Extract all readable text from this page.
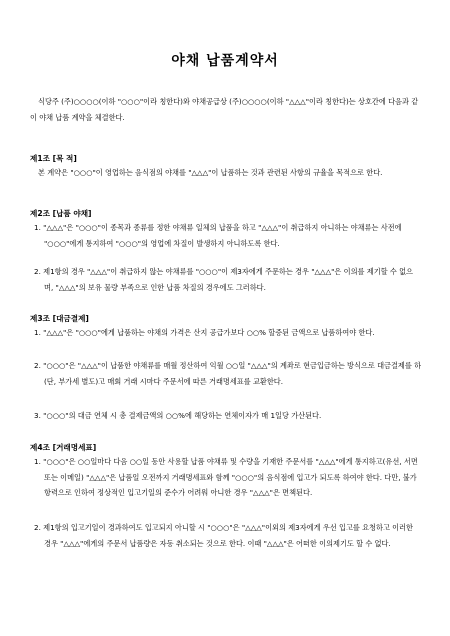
야채 납품계약서
식당주 (주)○○○○(이하 "○○○"이라 칭한다)와 야채공급상 (주)○○○○(이하 "△△△"이라 칭한다)는 상호간에 다음과 같이 야채 납품 계약을 체결한다.
제1조 [목 적]
본 계약은 "○○○"이 영업하는 음식점의 야채를 "△△△"이 납품하는 것과 관련된 사항의 규율을 목적으로 한다.
제2조 [납품 야채]
1. "△△△"은 "○○○"이 종목과 종류를 정한 야채류 일체의 납품을 하고 "△△△"이 취급하지 아니하는 야채류는 사전에 "○○○"에게 통지하여 "○○○"의 영업에 차질이 발생하지 아니하도록 한다.
2. 제1항의 경우 "△△△"이 취급하지 않는 야채류를 "○○○"이 제3자에게 주문하는 경우 "△△△"은 이의를 제기할 수 없으며, "△△△"의 보유 물량 부족으로 인한 납품 차질의 경우에도 그러하다.
제3조 [대금결제]
1. "△△△"은 "○○○"에게 납품하는 야채의 가격은 산지 공급가보다 ○○% 할증된 금액으로 납품하여야 한다.
2. "○○○"은 "△△△"이 납품한 야채류를 매월 정산하여 익월 ○○일 "△△△"의 계좌로 현금입금하는 방식으로 대금결제를 하(단, 부가세 별도)고 매회 거래 시마다 주문서에 따른 거래명세표를 교환한다.
3. "○○○"의 대금 연체 시 총 결제금액의 ○○%에 해당하는 연체이자가 매 1일당 가산된다.
제4조 [거래명세표]
1. "○○○"은 ○○일마다 다음 ○○일 동안 사용할 납품 야채류 및 수량을 기재한 주문서를 "△△△"에게 통지하고(유선, 서면 또는 이메일) "△△△"은 납품일 오전까지 거래명세표와 함께 "○○○"의 음식점에 입고가 되도록 하여야 한다. 다만, 불가항력으로 인하여 정상적인 입고기일의 준수가 어려워 아니한 경우 "△△△"은 면책된다.
2. 제1항의 입고기일이 경과하여도 입고되지 아니할 시 "○○○"은 "△△△"이외의 제3자에게 우선 입고를 요청하고 이러한 경우 "△△△"에게의 주문서 납품량은 자동 취소되는 것으로 한다. 이때 "△△△"은 어떠한 이의제기도 할 수 없다.
